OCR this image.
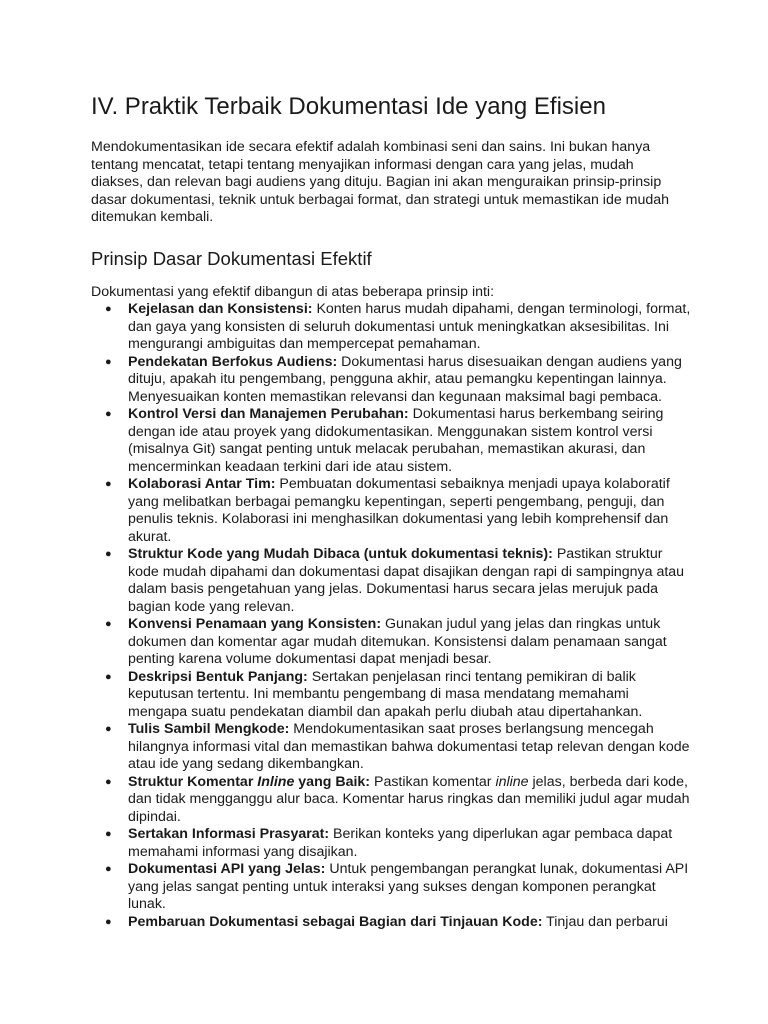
IV. Praktik Terbaik Dokumentasi Ide yang Efisien

Mendokumentasikan ide secara efektif adalah kombinasi seni dan sains. Ini bukan hanya tentang mencatat, tetapi tentang menyajikan informasi dengan cara yang jelas, mudah diakses, dan relevan bagi audiens yang dituju. Bagian ini akan menguraikan prinsip-prinsip dasar dokumentasi, teknik untuk berbagai format, dan strategi untuk memastikan ide mudah ditemukan kembali.

Prinsip Dasar Dokumentasi Efektif

Dokumentasi yang efektif dibangun di atas beberapa prinsip inti:

● Kejelasan dan Konsistensi: Konten harus mudah dipahami, dengan terminologi, format, dan gaya yang konsisten di seluruh dokumentasi untuk meningkatkan aksesibilitas. Ini mengurangi ambiguitas dan mempercepat pemahaman.
● Pendekatan Berfokus Audiens: Dokumentasi harus disesuaikan dengan audiens yang dituju, apakah itu pengembang, pengguna akhir, atau pemangku kepentingan lainnya. Menyesuaikan konten memastikan relevansi dan kegunaan maksimal bagi pembaca.
● Kontrol Versi dan Manajemen Perubahan: Dokumentasi harus berkembang seiring dengan ide atau proyek yang didokumentasikan. Menggunakan sistem kontrol versi (misalnya Git) sangat penting untuk melacak perubahan, memastikan akurasi, dan mencerminkan keadaan terkini dari ide atau sistem.
● Kolaborasi Antar Tim: Pembuatan dokumentasi sebaiknya menjadi upaya kolaboratif yang melibatkan berbagai pemangku kepentingan, seperti pengembang, penguji, dan penulis teknis. Kolaborasi ini menghasilkan dokumentasi yang lebih komprehensif dan akurat.
● Struktur Kode yang Mudah Dibaca (untuk dokumentasi teknis): Pastikan struktur kode mudah dipahami dan dokumentasi dapat disajikan dengan rapi di sampingnya atau dalam basis pengetahuan yang jelas. Dokumentasi harus secara jelas merujuk pada bagian kode yang relevan.
● Konvensi Penamaan yang Konsisten: Gunakan judul yang jelas dan ringkas untuk dokumen dan komentar agar mudah ditemukan. Konsistensi dalam penamaan sangat penting karena volume dokumentasi dapat menjadi besar.
● Deskripsi Bentuk Panjang: Sertakan penjelasan rinci tentang pemikiran di balik keputusan tertentu. Ini membantu pengembang di masa mendatang memahami mengapa suatu pendekatan diambil dan apakah perlu diubah atau dipertahankan.
● Tulis Sambil Mengkode: Mendokumentasikan saat proses berlangsung mencegah hilangnya informasi vital dan memastikan bahwa dokumentasi tetap relevan dengan kode atau ide yang sedang dikembangkan.
● Struktur Komentar Inline yang Baik: Pastikan komentar inline jelas, berbeda dari kode, dan tidak mengganggu alur baca. Komentar harus ringkas dan memiliki judul agar mudah dipindai.
● Sertakan Informasi Prasyarat: Berikan konteks yang diperlukan agar pembaca dapat memahami informasi yang disajikan.
● Dokumentasi API yang Jelas: Untuk pengembangan perangkat lunak, dokumentasi API yang jelas sangat penting untuk interaksi yang sukses dengan komponen perangkat lunak.
● Pembaruan Dokumentasi sebagai Bagian dari Tinjauan Kode: Tinjau dan perbarui
